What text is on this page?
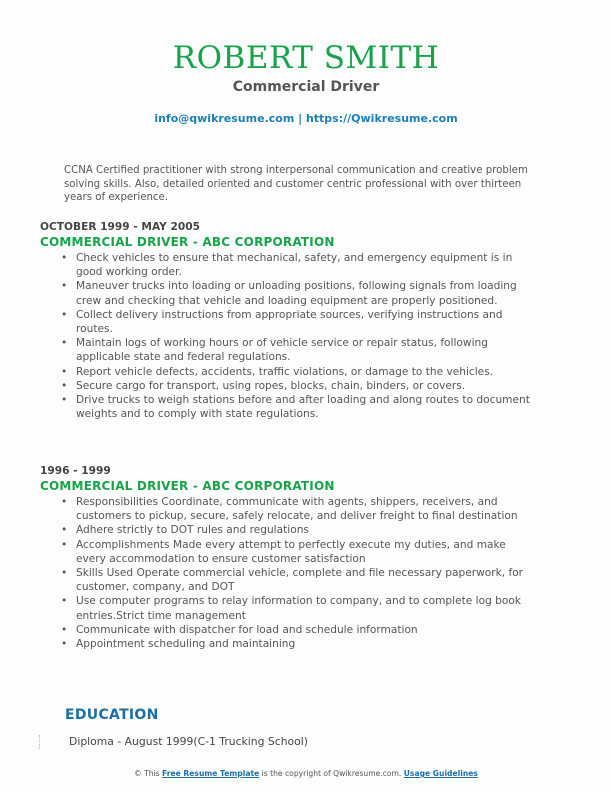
ROBERT SMITH
Commercial Driver
info@qwikresume.com | https://Qwikresume.com
CCNA Certified practitioner with strong interpersonal communication and creative problem solving skills. Also, detailed oriented and customer centric professional with over thirteen years of experience.
OCTOBER 1999 - MAY 2005
COMMERCIAL DRIVER - ABC CORPORATION
• Check vehicles to ensure that mechanical, safety, and emergency equipment is in good working order.
• Maneuver trucks into loading or unloading positions, following signals from loading crew and checking that vehicle and loading equipment are properly positioned.
• Collect delivery instructions from appropriate sources, verifying instructions and routes.
• Maintain logs of working hours or of vehicle service or repair status, following applicable state and federal regulations.
• Report vehicle defects, accidents, traffic violations, or damage to the vehicles.
• Secure cargo for transport, using ropes, blocks, chain, binders, or covers.
• Drive trucks to weigh stations before and after loading and along routes to document weights and to comply with state regulations.
1996 - 1999
COMMERCIAL DRIVER - ABC CORPORATION
• Responsibilities Coordinate, communicate with agents, shippers, receivers, and customers to pickup, secure, safely relocate, and deliver freight to final destination
• Adhere strictly to DOT rules and regulations
• Accomplishments Made every attempt to perfectly execute my duties, and make every accommodation to ensure customer satisfaction
• Skills Used Operate commercial vehicle, complete and file necessary paperwork, for customer, company, and DOT
• Use computer programs to relay information to company, and to complete log book entries.Strict time management
• Communicate with dispatcher for load and schedule information
• Appointment scheduling and maintaining
EDUCATION
Diploma - August 1999(C-1 Trucking School)
© This Free Resume Template is the copyright of Qwikresume.com. Usage Guidelines
